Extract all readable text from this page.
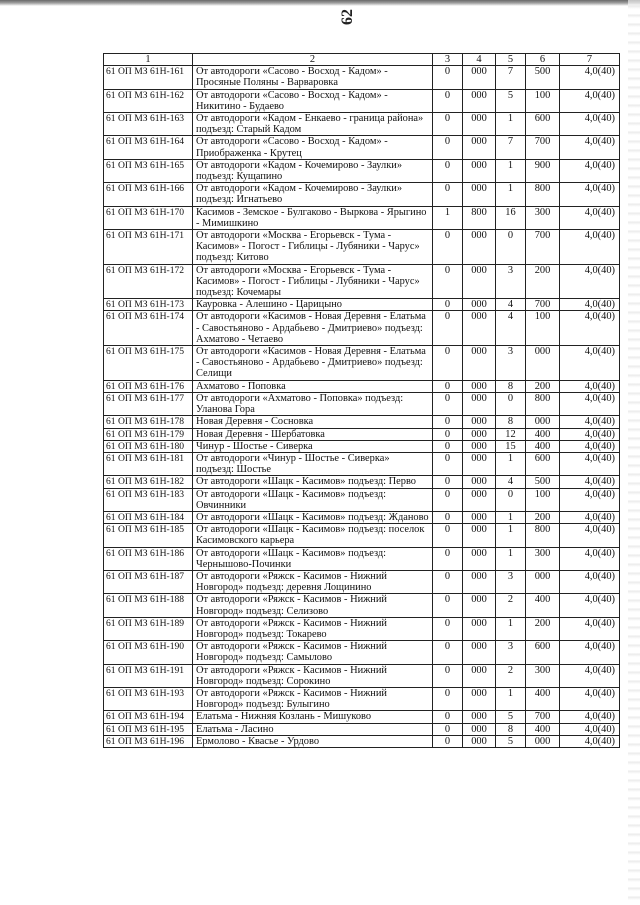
62
1	2	3	4	5	6	7
61 ОП МЗ 61Н-161	От автодороги «Сасово - Восход - Кадом» - Просяные Поляны - Варваровка	0	000	7	500	4,0(40)
61 ОП МЗ 61Н-162	От автодороги «Сасово - Восход - Кадом» - Никитино - Будаево	0	000	5	100	4,0(40)
61 ОП МЗ 61Н-163	От автодороги «Кадом - Енкаево - граница района» подъезд: Старый Кадом	0	000	1	600	4,0(40)
61 ОП МЗ 61Н-164	От автодороги «Сасово - Восход - Кадом» - Приображенка - Крутец	0	000	7	700	4,0(40)
61 ОП МЗ 61Н-165	От автодороги «Кадом - Кочемирово - Заулки» подъезд: Кущапино	0	000	1	900	4,0(40)
61 ОП МЗ 61Н-166	От автодороги «Кадом - Кочемирово - Заулки» подъезд: Игнатьево	0	000	1	800	4,0(40)
61 ОП МЗ 61Н-170	Касимов - Земское - Булгаково - Выркова - Ярыгино - Мимишкино	1	800	16	300	4,0(40)
61 ОП МЗ 61Н-171	От автодороги «Москва - Егорьевск - Тума - Касимов» - Погост - Гиблицы - Лубяники - Чарус» подъезд: Китово	0	000	0	700	4,0(40)
61 ОП МЗ 61Н-172	От автодороги «Москва - Егорьевск - Тума - Касимов» - Погост - Гиблицы - Лубяники - Чарус» подъезд: Кочемары	0	000	3	200	4,0(40)
61 ОП МЗ 61Н-173	Кауровка - Алешино - Царицыно	0	000	4	700	4,0(40)
61 ОП МЗ 61Н-174	От автодороги «Касимов - Новая Деревня - Елатьма - Савостьяново - Ардабьево - Дмитриево» подъезд: Ахматово - Четаево	0	000	4	100	4,0(40)
61 ОП МЗ 61Н-175	От автодороги «Касимов - Новая Деревня - Елатьма - Савостьяново - Ардабьево - Дмитриево» подъезд: Селищи	0	000	3	000	4,0(40)
61 ОП МЗ 61Н-176	Ахматово - Поповка	0	000	8	200	4,0(40)
61 ОП МЗ 61Н-177	От автодороги «Ахматово - Поповка» подъезд: Уланова Гора	0	000	0	800	4,0(40)
61 ОП МЗ 61Н-178	Новая Деревня - Сосновка	0	000	8	000	4,0(40)
61 ОП МЗ 61Н-179	Новая Деревня - Шербатовка	0	000	12	400	4,0(40)
61 ОП МЗ 61Н-180	Чинур - Шостье - Сиверка	0	000	15	400	4,0(40)
61 ОП МЗ 61Н-181	От автодороги «Чинур - Шостье - Сиверка» подъезд: Шостье	0	000	1	600	4,0(40)
61 ОП МЗ 61Н-182	От автодороги «Шацк - Касимов» подъезд: Перво	0	000	4	500	4,0(40)
61 ОП МЗ 61Н-183	От автодороги «Шацк - Касимов» подъезд: Овчинники	0	000	0	100	4,0(40)
61 ОП МЗ 61Н-184	От автодороги «Шацк - Касимов» подъезд: Жданово	0	000	1	200	4,0(40)
61 ОП МЗ 61Н-185	От автодороги «Шацк - Касимов» подъезд: поселок Касимовского карьера	0	000	1	800	4,0(40)
61 ОП МЗ 61Н-186	От автодороги «Шацк - Касимов» подъезд: Чернышово-Починки	0	000	1	300	4,0(40)
61 ОП МЗ 61Н-187	От автодороги «Ряжск - Касимов - Нижний Новгород» подъезд: деревня Лощинино	0	000	3	000	4,0(40)
61 ОП МЗ 61Н-188	От автодороги «Ряжск - Касимов - Нижний Новгород» подъезд: Селизово	0	000	2	400	4,0(40)
61 ОП МЗ 61Н-189	От автодороги «Ряжск - Касимов - Нижний Новгород» подъезд: Токарево	0	000	1	200	4,0(40)
61 ОП МЗ 61Н-190	От автодороги «Ряжск - Касимов - Нижний Новгород» подъезд: Самылово	0	000	3	600	4,0(40)
61 ОП МЗ 61Н-191	От автодороги «Ряжск - Касимов - Нижний Новгород» подъезд: Сорокино	0	000	2	300	4,0(40)
61 ОП МЗ 61Н-193	От автодороги «Ряжск - Касимов - Нижний Новгород» подъезд: Булыгино	0	000	1	400	4,0(40)
61 ОП МЗ 61Н-194	Елатьма - Нижняя Козлань - Мишуково	0	000	5	700	4,0(40)
61 ОП МЗ 61Н-195	Елатьма - Ласино	0	000	8	400	4,0(40)
61 ОП МЗ 61Н-196	Ермолово - Квасье - Урдово	0	000	5	000	4,0(40)
